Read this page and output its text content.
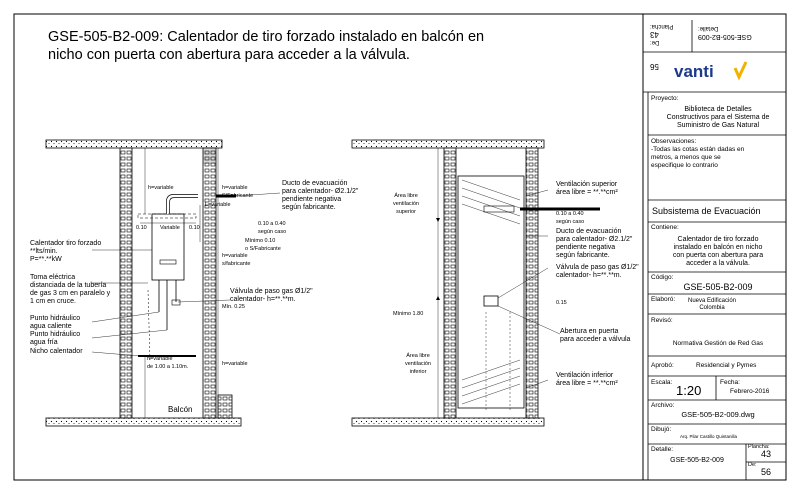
GSE-505-B2-009: Calentador de tiro forzado instalado en balcón en nicho con puerta con abertura para acceder a la válvula.
h=variable	h=variable
S/Fabricante
L=variable
Variable
0.10	0.10
Ducto de evacuación
para calentador- Ø2.1/2"
pendiente negativa
según fabricante.
0.10 a 0.40
según caso
Mínimo 0.10
o S/Fabricante
h=variable
s/fabricante
Calentador tiro forzado
**lts/min.
P=**.**kW
Toma eléctrica
distanciada de la tubería
de gas 3 cm en paralelo y
1 cm en cruce.
Válvula de paso gas Ø1/2"
calentador- h=**.**m.
Mín. 0.25
Punto hidráulico
agua caliente
Punto hidráulico
agua fría
Nicho calentador
h=variable
de 1.00 a 1.10m.	h=variable
Balcón
Área libre
ventilación
superior
Ventilación superior
área libre = **.**cm²
0.10 a 0.40
según caso
Ducto de evacuación
para calentador- Ø2.1/2"
pendiente negativa
según fabricante.
Válvula de paso gas Ø1/2"
calentador- h=**.**m.
0.15
Mínimo 1.80
Abertura en puerta
para acceder a válvula
Área libre
ventilación
inferior	Ventilación inferior
área libre = **.**cm²

56

De:

43
Plancha:
GSE-505-B2-009
Detalle:
vanti
Proyecto:
Biblioteca de Detalles
Constructivos para el Sistema de
Suministro de Gas Natural
Observaciones:
-Todas las cotas están dadas en
metros, a menos que se
especifique lo contrario
Subsistema de Evacuación
Contiene:
Calentador de tiro forzado
instalado en balcón en nicho
con puerta con abertura para
acceder a la válvula.
Código:
GSE-505-B2-009
Elaboró:	Nueva Edificación
Colombia
Revisó:
Normativa Gestión de Red Gas
Aprobó:	Residencial y Pymes
Escala:
1:20
Fecha:
Febrero-2016
Archivo:
GSE-505-B2-009.dwg
Dibujó:
Arq. Pilar Castillo Quintanilla
Detalle:
GSE-505-B2-009
Plancha:
43
De:
56
